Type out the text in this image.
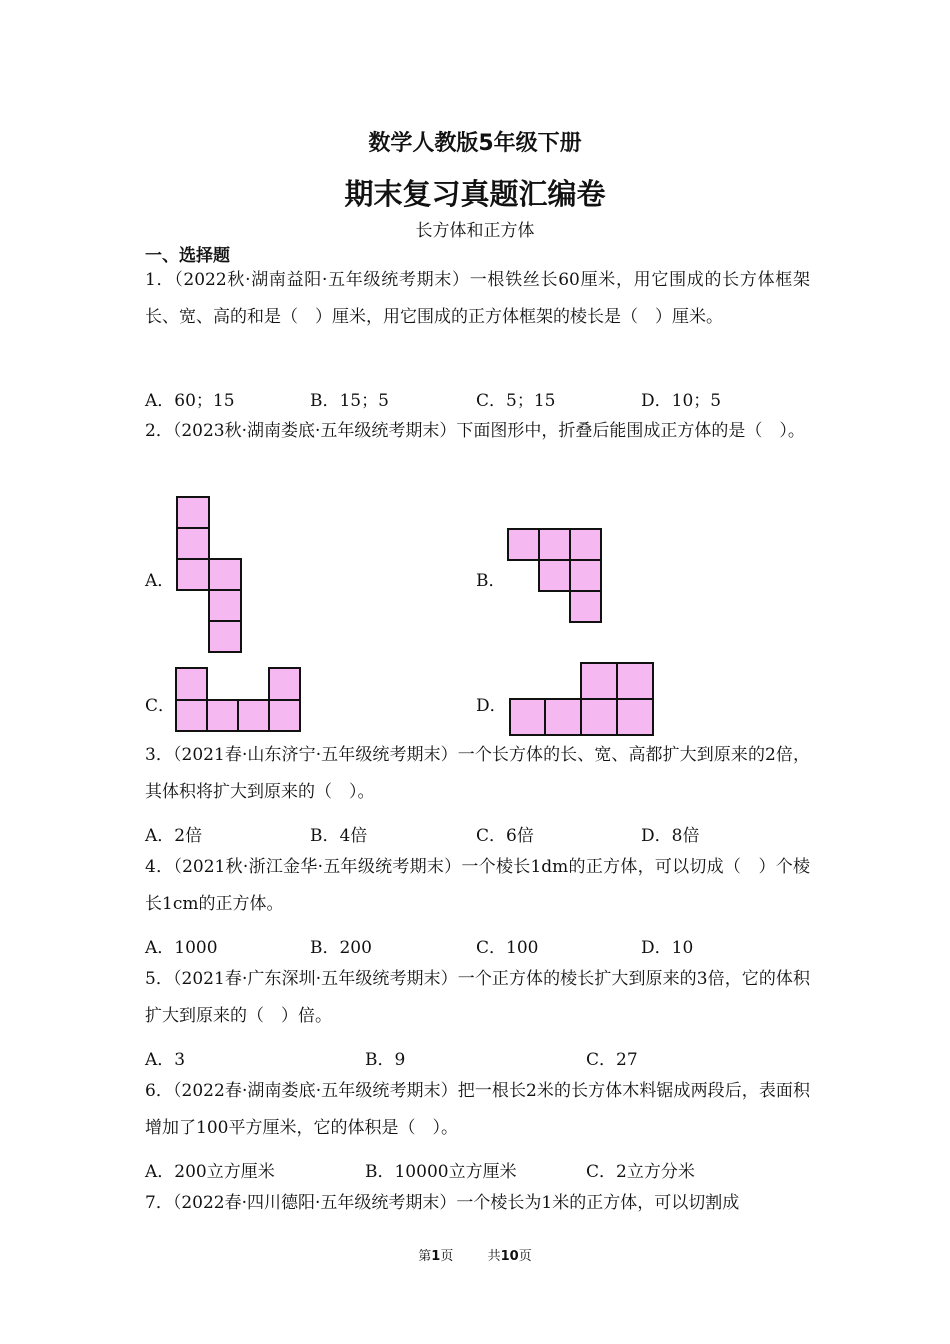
数学人教版5年级下册
期末复习真题汇编卷
长方体和正方体
一、选择题
1．（2022秋·湖南益阳·五年级统考期末）一根铁丝长60厘米，用它围成的长方体框架长、宽、高的和是（　）厘米，用它围成的正方体框架的棱长是（　）厘米。
A．60；15	B．15；5	C．5；15	D．10；5
2．（2023秋·湖南娄底·五年级统考期末）下面图形中，折叠后能围成正方体的是（　）。
A．	B．
C．	D．
3．（2021春·山东济宁·五年级统考期末）一个长方体的长、宽、高都扩大到原来的2倍，其体积将扩大到原来的（　）。
A．2倍	B．4倍	C．6倍	D．8倍
4．（2021秋·浙江金华·五年级统考期末）一个棱长1dm的正方体，可以切成（　）个棱长1cm的正方体。
A．1000	B．200	C．100	D．10
5．（2021春·广东深圳·五年级统考期末）一个正方体的棱长扩大到原来的3倍，它的体积扩大到原来的（　）倍。
A．3	B．9	C．27
6．（2022春·湖南娄底·五年级统考期末）把一根长2米的长方体木料锯成两段后，表面积增加了100平方厘米，它的体积是（　）。
A．200立方厘米	B．10000立方厘米	C．2立方分米
7．（2022春·四川德阳·五年级统考期末）一个棱长为1米的正方体，可以切割成
第1页	共10页
